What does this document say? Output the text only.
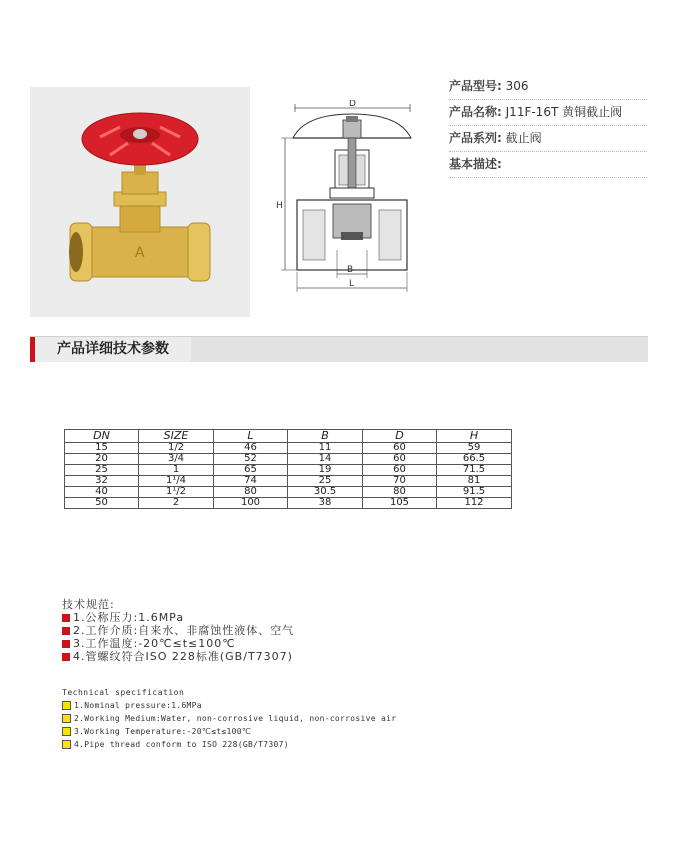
A
D
H
B
L
产品型号: 306
产品名称: J11F-16T 黄铜截止阀
产品系列: 截止阀
基本描述:
产品详细技术参数
DN	SIZE	L	B	D	H
15	1/2	46	11	60	59
20	3/4	52	14	60	66.5
25	1	65	19	60	71.5
32	1¹/4	74	25	70	81
40	1¹/2	80	30.5	80	91.5
50	2	100	38	105	112
技术规范:
1.公称压力:1.6MPa
2.工作介质:自来水、非腐蚀性液体、空气
3.工作温度:-20℃≤t≤100℃
4.管螺纹符合ISO 228标准(GB/T7307)
Technical specification
1.Nominal pressure:1.6MPa
2.Working Medium:Water, non-corrosive liquid, non-corrosive air
3.Working Temperature:-20℃≤t≤100℃
4.Pipe thread conform to ISO 228(GB/T7307)
